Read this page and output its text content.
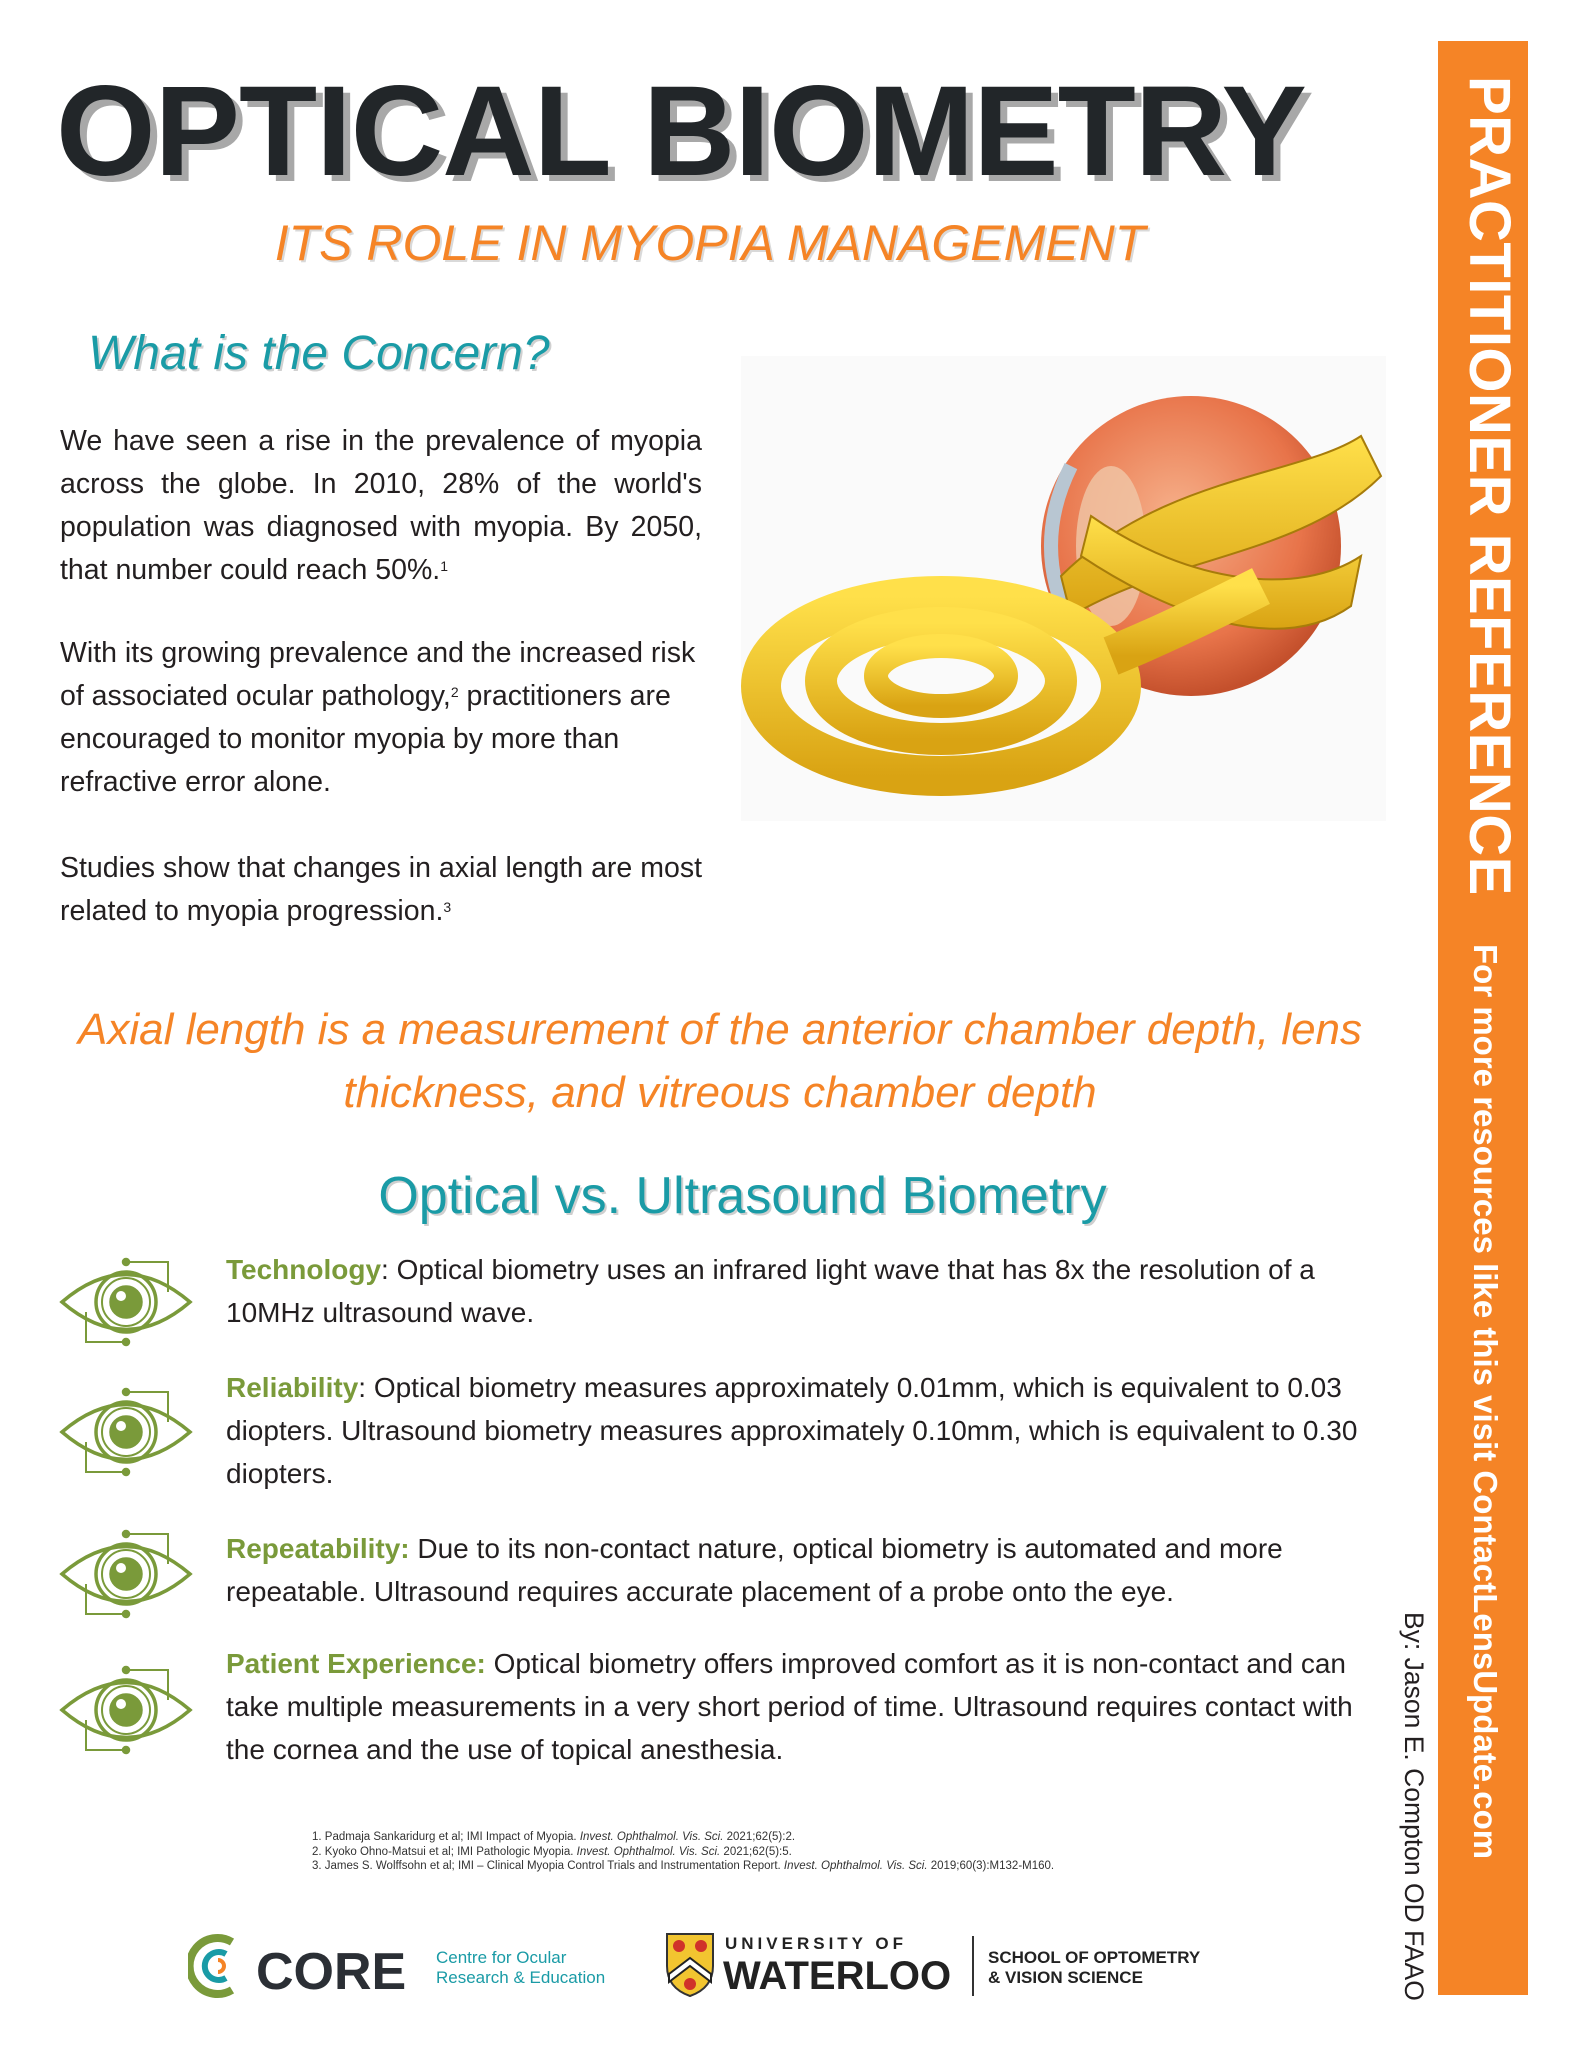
OPTICAL BIOMETRY
ITS ROLE IN MYOPIA MANAGEMENT
What is the Concern?

We have seen a rise in the prevalence of myopia across the globe. In 2010, 28% of the world's population was diagnosed with myopia. By 2050, that number could reach 50%.$^1$

With its growing prevalence and the increased risk of associated ocular pathology,$^2$ practitioners are encouraged to monitor myopia by more than refractive error alone.

Studies show that changes in axial length are most related to myopia progression.$^3$

Axial length is a measurement of the anterior chamber depth, lens thickness, and vitreous chamber depth
Optical vs. Ultrasound Biometry

Technology: Optical biometry uses an infrared light wave that has 8x the resolution of a 10MHz ultrasound wave.

Reliability: Optical biometry measures approximately 0.01mm, which is equivalent to 0.03 diopters. Ultrasound biometry measures approximately 0.10mm, which is equivalent to 0.30 diopters.

Repeatability: Due to its non-contact nature, optical biometry is automated and more repeatable. Ultrasound requires accurate placement of a probe onto the eye.

Patient Experience: Optical biometry offers improved comfort as it is non-contact and can take multiple measurements in a very short period of time. Ultrasound requires contact with the cornea and the use of topical anesthesia.

1. Padmaja Sankaridurg et al; IMI Impact of Myopia. Invest. Ophthalmol. Vis. Sci. 2021;62(5):2.
2. Kyoko Ohno-Matsui et al; IMI Pathologic Myopia. Invest. Ophthalmol. Vis. Sci. 2021;62(5):5.
3. James S. Wolffsohn et al; IMI – Clinical Myopia Control Trials and Instrumentation Report. Invest. Ophthalmol. Vis. Sci. 2019;60(3):M132-M160.
PRACTITIONER REFERENCE
For more resources like this visit ContactLensUpdate.com
By: Jason E. Compton OD FAAO
CORE Centre for Ocular
Research & Education
UNIVERSITY OF
WATERLOO SCHOOL OF OPTOMETRY
& VISION SCIENCE
